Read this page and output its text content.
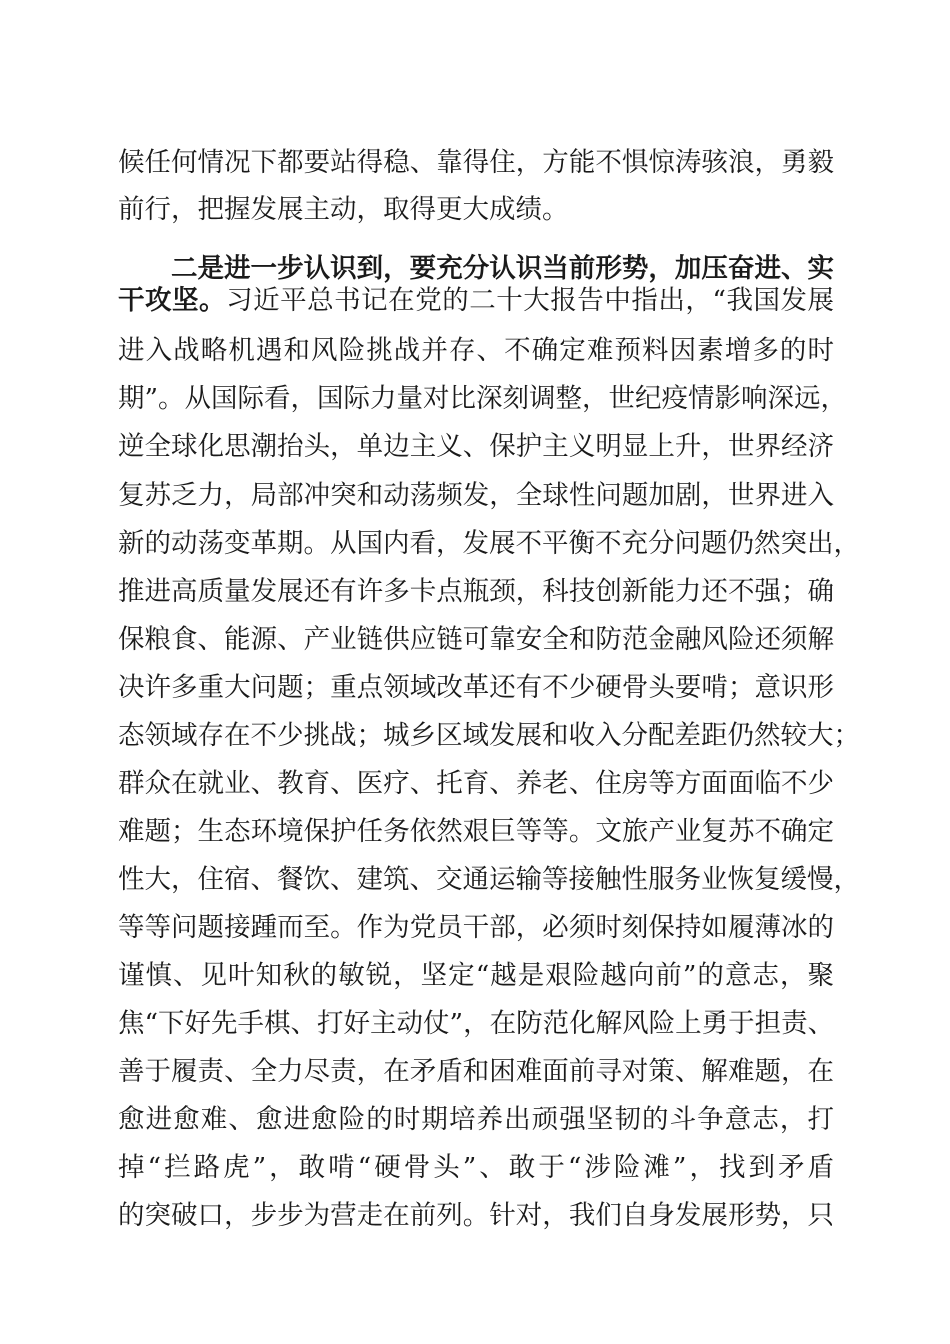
候任何情况下都要站得稳、靠得住，方能不惧惊涛骇浪，勇毅
前行，把握发展主动，取得更大成绩。
二是进一步认识到，要充分认识当前形势，加压奋进、实
干攻坚。习近平总书记在党的二十大报告中指出，“我国发展
进入战略机遇和风险挑战并存、不确定难预料因素增多的时
期”。从国际看，国际力量对比深刻调整，世纪疫情影响深远，
逆全球化思潮抬头，单边主义、保护主义明显上升，世界经济
复苏乏力，局部冲突和动荡频发，全球性问题加剧，世界进入
新的动荡变革期。从国内看，发展不平衡不充分问题仍然突出，
推进高质量发展还有许多卡点瓶颈，科技创新能力还不强；确
保粮食、能源、产业链供应链可靠安全和防范金融风险还须解
决许多重大问题；重点领域改革还有不少硬骨头要啃；意识形
态领域存在不少挑战；城乡区域发展和收入分配差距仍然较大；
群众在就业、教育、医疗、托育、养老、住房等方面面临不少
难题；生态环境保护任务依然艰巨等等。文旅产业复苏不确定
性大，住宿、餐饮、建筑、交通运输等接触性服务业恢复缓慢，
等等问题接踵而至。作为党员干部，必须时刻保持如履薄冰的
谨慎、见叶知秋的敏锐，坚定“越是艰险越向前”的意志，聚
焦“下好先手棋、打好主动仗”，在防范化解风险上勇于担责、
善于履责、全力尽责，在矛盾和困难面前寻对策、解难题，在
愈进愈难、愈进愈险的时期培养出顽强坚韧的斗争意志，打
掉“拦路虎”，敢啃“硬骨头”、敢于“涉险滩”，找到矛盾
的突破口，步步为营走在前列。针对，我们自身发展形势，只
